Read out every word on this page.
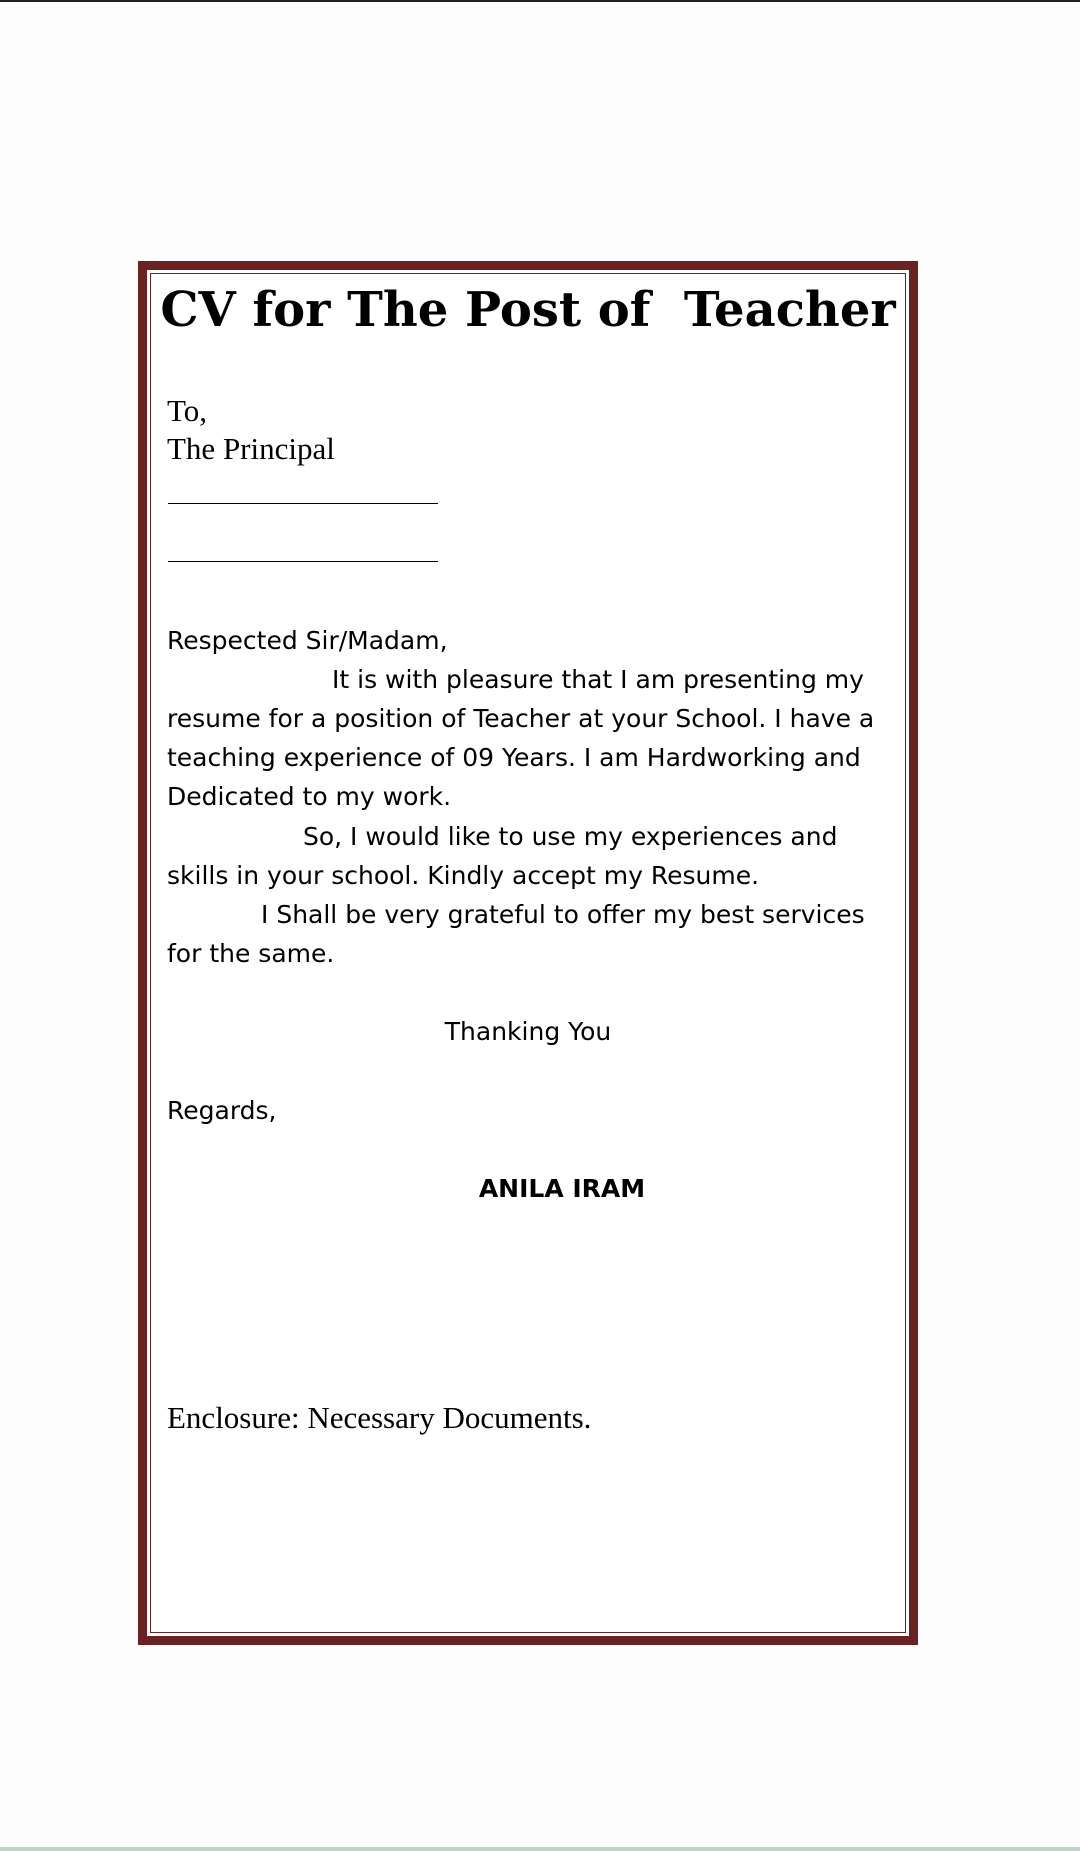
CV for The Post of  Teacher
To,
The Principal
Respected Sir/Madam,
It is with pleasure that I am presenting my
resume for a position of Teacher at your School. I have a
teaching experience of 09 Years. I am Hardworking and
Dedicated to my work.
So, I would like to use my experiences and
skills in your school. Kindly accept my Resume.
I Shall be very grateful to offer my best services
for the same.
Thanking You
Regards,
ANILA IRAM
Enclosure: Necessary Documents.
